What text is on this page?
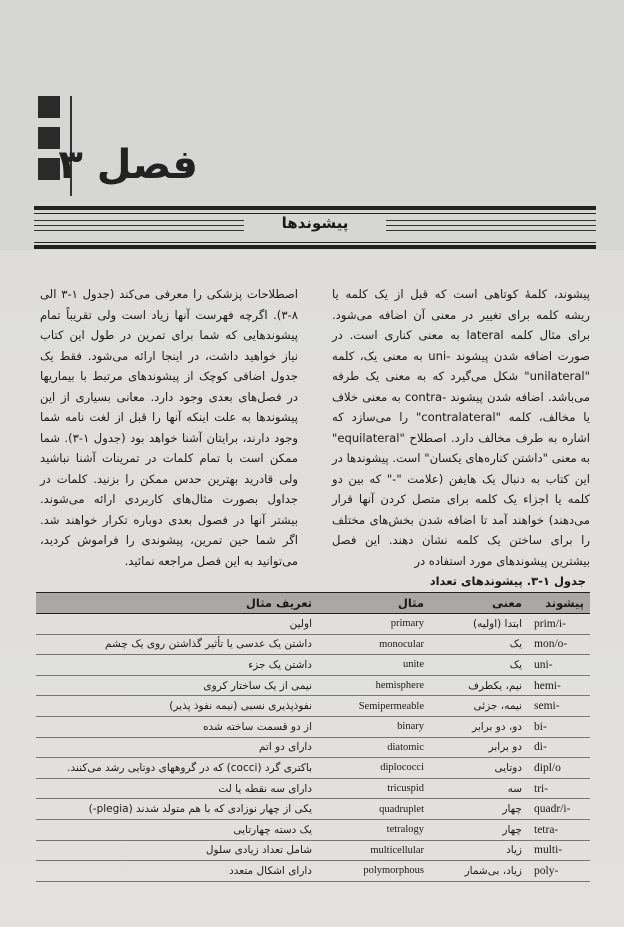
فصل ۳
پیشوندها
پیشوند، کلمهٔ کوتاهی است که قبل از یک کلمه یا ریشه کلمه برای تغییر در معنی آن اضافه می‌شود. برای مثال کلمه lateral به معنی کناری است. در صورت اضافه شدن پیشوند -uni به معنی یک، کلمه "unilateral" شکل می‌گیرد که به معنی یک طرفه می‌باشد. اضافه شدن پیشوند -contra به معنی خلاف یا مخالف، کلمه "contralateral" را می‌سازد که اشاره به طرف مخالف دارد. اصطلاح "equilateral" به معنی "داشتن کناره‌های یکسان" است. پیشوندها در این کتاب به دنبال یک هایفن (علامت "-" که بین دو کلمه یا اجزاء یک کلمه برای متصل کردن آنها قرار می‌دهند) خواهند آمد تا اضافه شدن بخش‌های مختلف را برای ساختن یک کلمه نشان دهند. این فصل بیشترین پیشوندهای مورد استفاده در
اصطلاحات پزشکی را معرفی می‌کند (جدول ۱-۳ الی ۸-۳). اگرچه فهرست آنها زیاد است ولی تقریباً تمام پیشوندهایی که شما برای تمرین در طول این کتاب نیاز خواهید داشت، در اینجا ارائه می‌شود. فقط یک جدول اضافی کوچک از پیشوندهای مرتبط با بیماریها در فصل‌های بعدی وجود دارد. معانی بسیاری از این پیشوندها به علت اینکه آنها را قبل از لغت نامه شما وجود دارند، برایتان آشنا خواهد بود (جدول ۱-۳). شما ممکن است با تمام کلمات در تمرینات آشنا نباشید ولی قادرید بهترین حدس ممکن را بزنید. کلمات در جداول بصورت مثال‌های کاربردی ارائه می‌شوند. بیشتر آنها در فصول بعدی دوباره تکرار خواهند شد. اگر شما حین تمرین، پیشوندی را فراموش کردید، می‌توانید به این فصل مراجعه نمائید.
جدول ۱-۳. پیشوندهای تعداد
پیشوند	معنی	مثال	تعریف مثال
prim/i-	ابتدا (اولیه)	primary	اولین
mon/o-	یک	monocular	داشتن یک عدسی یا تأثیر گذاشتن روی یک چشم
uni-	یک	unite	داشتن یک جزء
hemi-	نیم، یکطرف	hemisphere	نیمی از یک ساختار کروی
semi-	نیمه، جزئی	Semipermeable	نفوذپذیری نسبی (نیمه نفوذ پذیر)
bi-	دو، دو برابر	binary	از دو قسمت ساخته شده
di-	دو برابر	diatomic	دارای دو اتم
dipl/o	دوتایی	diplococci	باکتری گرد (cocci) که در گروههای دوتایی رشد می‌کنند.
tri-	سه	tricuspid	دارای سه نقطه یا لت
quadr/i-	چهار	quadruplet	یکی از چهار نوزادی که با هم متولد شدند (plegia-)
tetra-	چهار	tetralogy	یک دسته چهارتایی
multi-	زیاد	multicellular	شامل تعداد زیادی سلول
poly-	زیاد، بی‌شمار	polymorphous	دارای اشکال متعدد
